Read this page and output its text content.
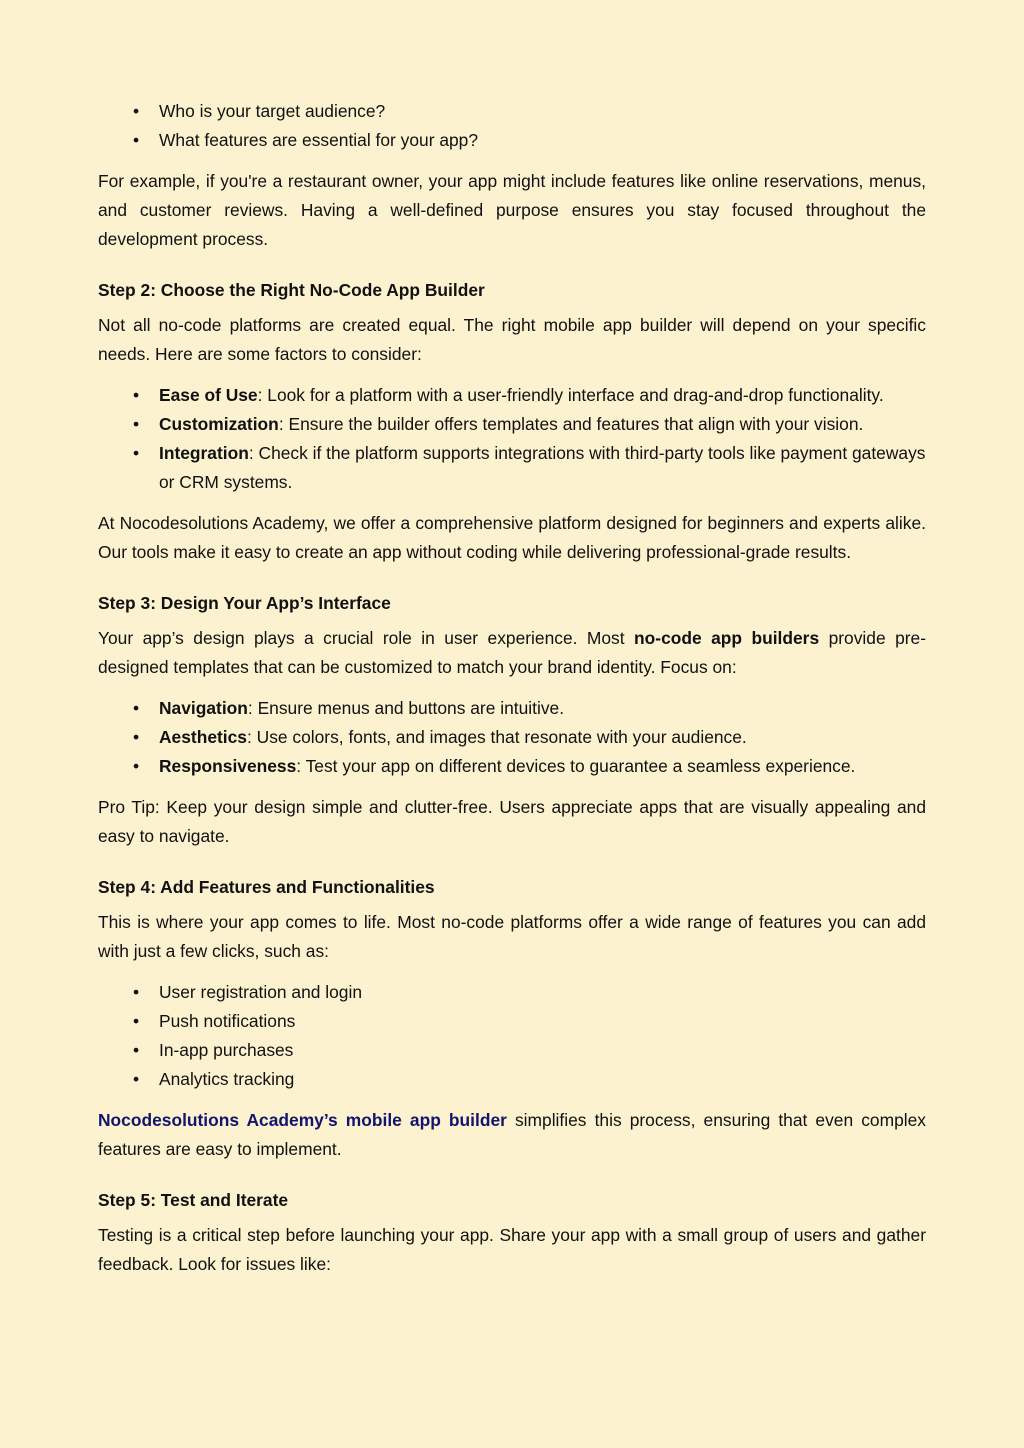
• Who is your target audience?
• What features are essential for your app?

For example, if you're a restaurant owner, your app might include features like online reservations, menus, and customer reviews. Having a well-defined purpose ensures you stay focused throughout the development process.

Step 2: Choose the Right No-Code App Builder

Not all no-code platforms are created equal. The right mobile app builder will depend on your specific needs. Here are some factors to consider:

• Ease of Use: Look for a platform with a user-friendly interface and drag-and-drop functionality.
• Customization: Ensure the builder offers templates and features that align with your vision.
• Integration: Check if the platform supports integrations with third-party tools like payment gateways or CRM systems.

At Nocodesolutions Academy, we offer a comprehensive platform designed for beginners and experts alike. Our tools make it easy to create an app without coding while delivering professional-grade results.

Step 3: Design Your App’s Interface

Your app’s design plays a crucial role in user experience. Most no-code app builders provide pre-designed templates that can be customized to match your brand identity. Focus on:

• Navigation: Ensure menus and buttons are intuitive.
• Aesthetics: Use colors, fonts, and images that resonate with your audience.
• Responsiveness: Test your app on different devices to guarantee a seamless experience.

Pro Tip: Keep your design simple and clutter-free. Users appreciate apps that are visually appealing and easy to navigate.

Step 4: Add Features and Functionalities

This is where your app comes to life. Most no-code platforms offer a wide range of features you can add with just a few clicks, such as:

• User registration and login
• Push notifications
• In-app purchases
• Analytics tracking

Nocodesolutions Academy’s mobile app builder simplifies this process, ensuring that even complex features are easy to implement.

Step 5: Test and Iterate

Testing is a critical step before launching your app. Share your app with a small group of users and gather feedback. Look for issues like:
